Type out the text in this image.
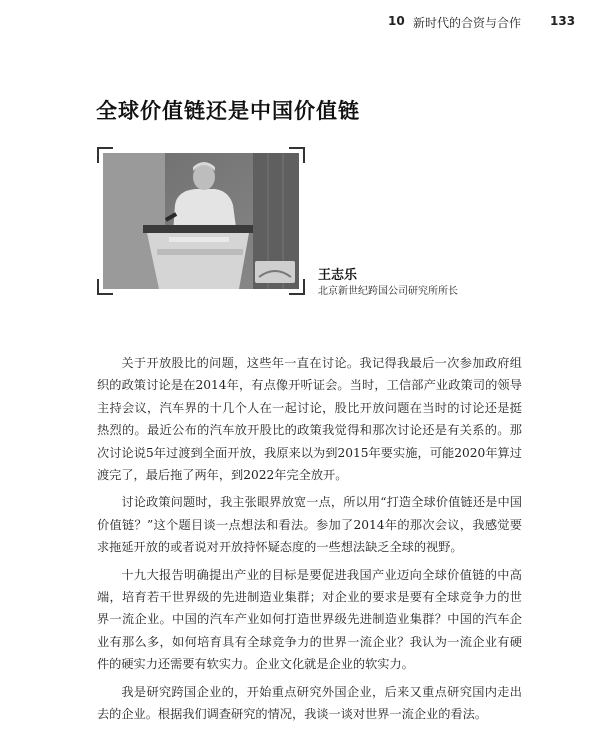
10 新时代的合资与合作 133
全球价值链还是中国价值链
王志乐
北京新世纪跨国公司研究所所长

关于开放股比的问题，这些年一直在讨论。我记得我最后一次参加政府组织的政策讨论是在2014年，有点像开听证会。当时，工信部产业政策司的领导主持会议，汽车界的十几个人在一起讨论，股比开放问题在当时的讨论还是挺热烈的。最近公布的汽车放开股比的政策我觉得和那次讨论还是有关系的。那次讨论说5年过渡到全面开放，我原来以为到2015年要实施，可能2020年算过渡完了，最后拖了两年，到2022年完全放开。

讨论政策问题时，我主张眼界放宽一点，所以用“打造全球价值链还是中国价值链？”这个题目谈一点想法和看法。参加了2014年的那次会议，我感觉要求拖延开放的或者说对开放持怀疑态度的一些想法缺乏全球的视野。

十九大报告明确提出产业的目标是要促进我国产业迈向全球价值链的中高端，培育若干世界级的先进制造业集群；对企业的要求是要有全球竞争力的世界一流企业。中国的汽车产业如何打造世界级先进制造业集群？中国的汽车企业有那么多，如何培育具有全球竞争力的世界一流企业？我认为一流企业有硬件的硬实力还需要有软实力。企业文化就是企业的软实力。

我是研究跨国企业的，开始重点研究外国企业，后来又重点研究国内走出去的企业。根据我们调查研究的情况，我谈一谈对世界一流企业的看法。
